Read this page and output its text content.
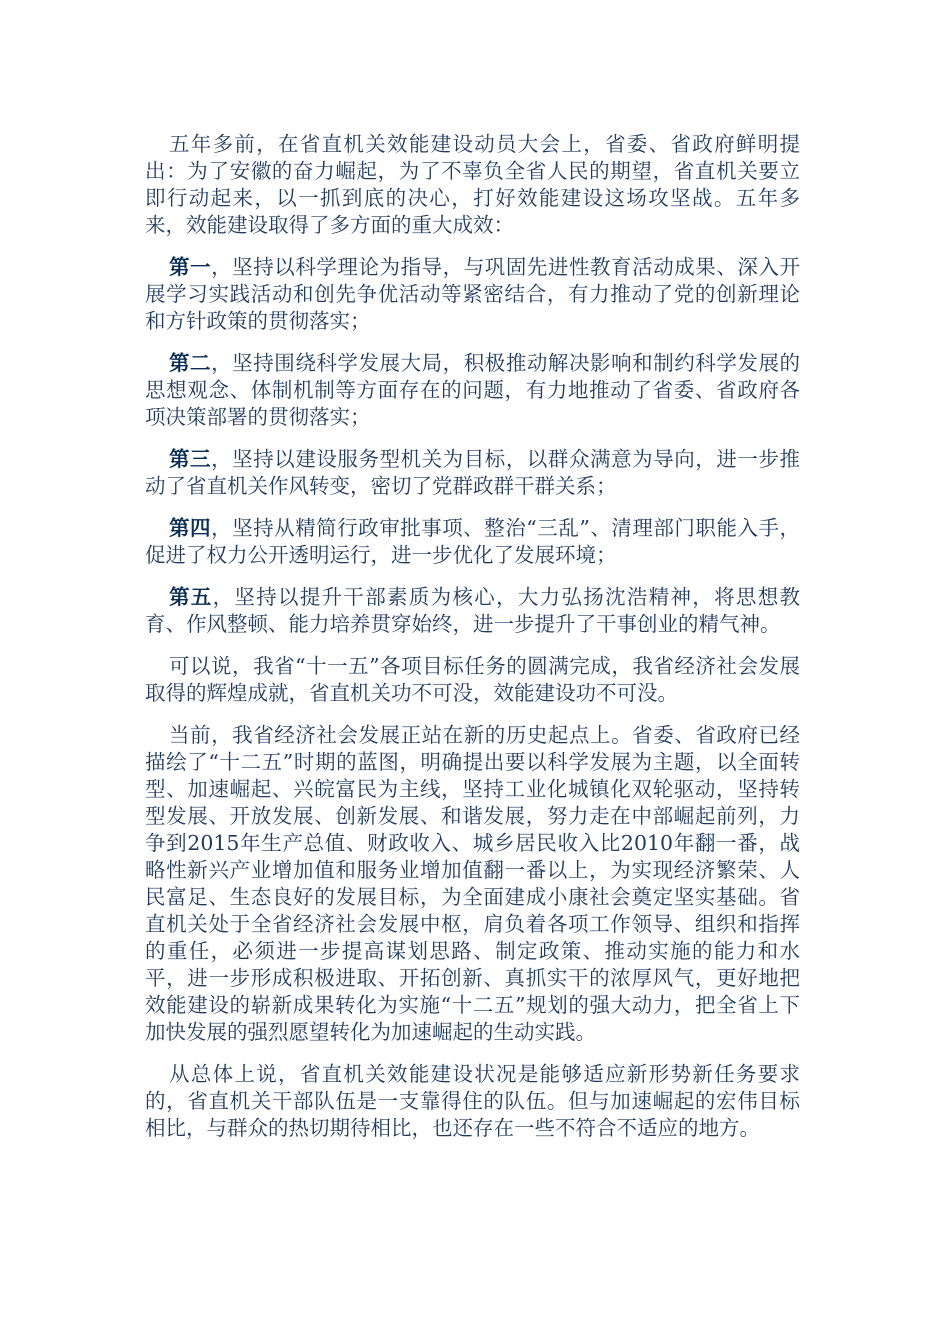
五年多前，在省直机关效能建设动员大会上，省委、省政府鲜明提出：为了安徽的奋力崛起，为了不辜负全省人民的期望，省直机关要立即行动起来，以一抓到底的决心，打好效能建设这场攻坚战。五年多来，效能建设取得了多方面的重大成效：

第一，坚持以科学理论为指导，与巩固先进性教育活动成果、深入开展学习实践活动和创先争优活动等紧密结合，有力推动了党的创新理论和方针政策的贯彻落实；

第二，坚持围绕科学发展大局，积极推动解决影响和制约科学发展的思想观念、体制机制等方面存在的问题，有力地推动了省委、省政府各项决策部署的贯彻落实；

第三，坚持以建设服务型机关为目标，以群众满意为导向，进一步推动了省直机关作风转变，密切了党群政群干群关系；

第四，坚持从精简行政审批事项、整治“三乱”、清理部门职能入手，促进了权力公开透明运行，进一步优化了发展环境；

第五，坚持以提升干部素质为核心，大力弘扬沈浩精神，将思想教育、作风整顿、能力培养贯穿始终，进一步提升了干事创业的精气神。

可以说，我省“十一五”各项目标任务的圆满完成，我省经济社会发展取得的辉煌成就，省直机关功不可没，效能建设功不可没。

当前，我省经济社会发展正站在新的历史起点上。省委、省政府已经描绘了“十二五”时期的蓝图，明确提出要以科学发展为主题，以全面转型、加速崛起、兴皖富民为主线，坚持工业化城镇化双轮驱动，坚持转型发展、开放发展、创新发展、和谐发展，努力走在中部崛起前列，力争到2015年生产总值、财政收入、城乡居民收入比2010年翻一番，战略性新兴产业增加值和服务业增加值翻一番以上，为实现经济繁荣、人民富足、生态良好的发展目标，为全面建成小康社会奠定坚实基础。省直机关处于全省经济社会发展中枢，肩负着各项工作领导、组织和指挥的重任，必须进一步提高谋划思路、制定政策、推动实施的能力和水平，进一步形成积极进取、开拓创新、真抓实干的浓厚风气，更好地把效能建设的崭新成果转化为实施“十二五”规划的强大动力，把全省上下加快发展的强烈愿望转化为加速崛起的生动实践。

从总体上说，省直机关效能建设状况是能够适应新形势新任务要求的，省直机关干部队伍是一支靠得住的队伍。但与加速崛起的宏伟目标相比，与群众的热切期待相比，也还存在一些不符合不适应的地方。
